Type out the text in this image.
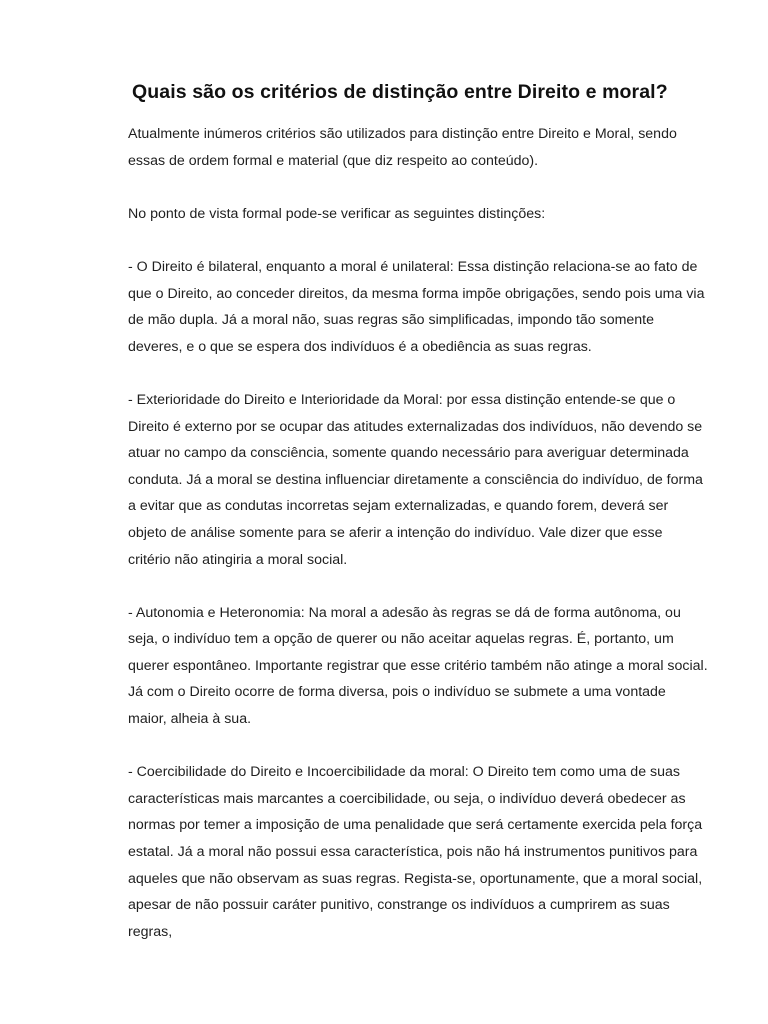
Quais são os critérios de distinção entre Direito e moral?

Atualmente inúmeros critérios são utilizados para distinção entre Direito e Moral, sendo essas de ordem formal e material (que diz respeito ao conteúdo).

No ponto de vista formal pode-se verificar as seguintes distinções:

- O Direito é bilateral, enquanto a moral é unilateral: Essa distinção relaciona-se ao fato de que o Direito, ao conceder direitos, da mesma forma impõe obrigações, sendo pois uma via de mão dupla. Já a moral não, suas regras são simplificadas, impondo tão somente deveres, e o que se espera dos indivíduos é a obediência as suas regras.

- Exterioridade do Direito e Interioridade da Moral: por essa distinção entende-se que o Direito é externo por se ocupar das atitudes externalizadas dos indivíduos, não devendo se atuar no campo da consciência, somente quando necessário para averiguar determinada conduta. Já a moral se destina influenciar diretamente a consciência do indivíduo, de forma a evitar que as condutas incorretas sejam externalizadas, e quando forem, deverá ser objeto de análise somente para se aferir a intenção do indivíduo. Vale dizer que esse critério não atingiria a moral social.

- Autonomia e Heteronomia: Na moral a adesão às regras se dá de forma autônoma, ou seja, o indivíduo tem a opção de querer ou não aceitar aquelas regras. É, portanto, um querer espontâneo. Importante registrar que esse critério também não atinge a moral social. Já com o Direito ocorre de forma diversa, pois o indivíduo se submete a uma vontade maior, alheia à sua.

- Coercibilidade do Direito e Incoercibilidade da moral: O Direito tem como uma de suas características mais marcantes a coercibilidade, ou seja, o indivíduo deverá obedecer as normas por temer a imposição de uma penalidade que será certamente exercida pela força estatal. Já a moral não possui essa característica, pois não há instrumentos punitivos para aqueles que não observam as suas regras. Regista-se, oportunamente, que a moral social, apesar de não possuir caráter punitivo, constrange os indivíduos a cumprirem as suas regras,
